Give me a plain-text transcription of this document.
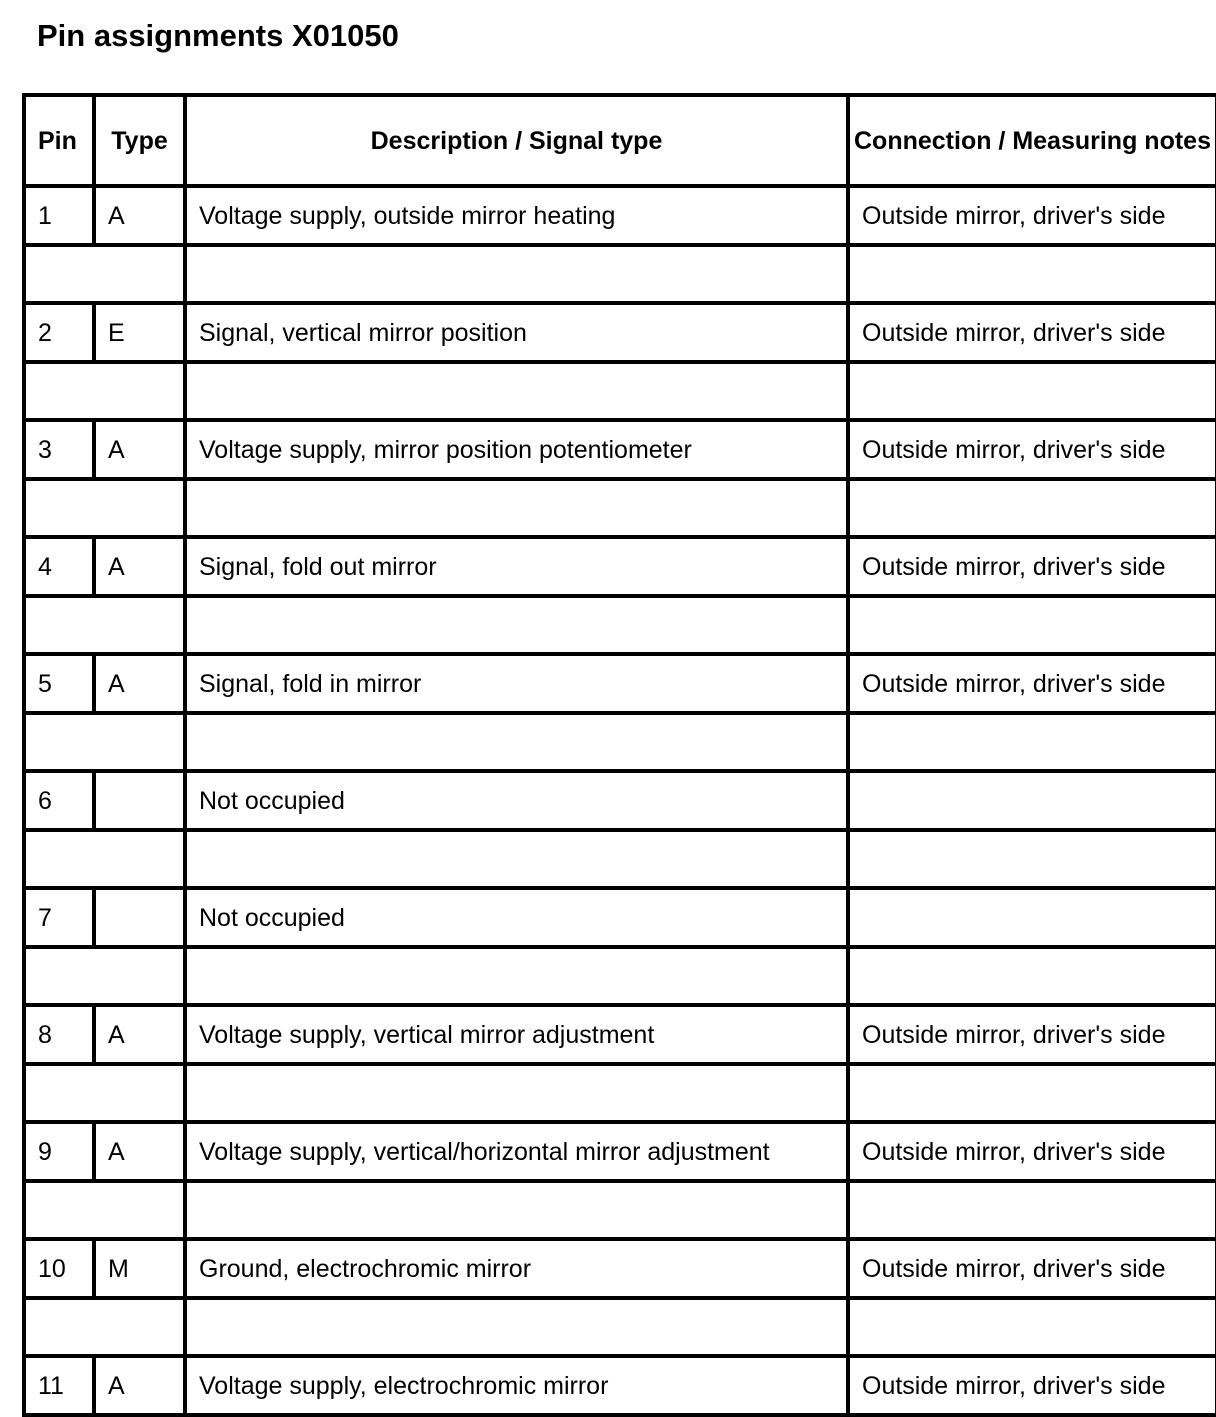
Pin assignments X01050
Pin	Type	Description / Signal type	Connection / Measuring notes
1	A	Voltage supply, outside mirror heating	Outside mirror, driver's side

2	E	Signal, vertical mirror position	Outside mirror, driver's side

3	A	Voltage supply, mirror position potentiometer	Outside mirror, driver's side

4	A	Signal, fold out mirror	Outside mirror, driver's side

5	A	Signal, fold in mirror	Outside mirror, driver's side

6		Not occupied	

7		Not occupied	

8	A	Voltage supply, vertical mirror adjustment	Outside mirror, driver's side

9	A	Voltage supply, vertical/horizontal mirror adjustment	Outside mirror, driver's side

10	M	Ground, electrochromic mirror	Outside mirror, driver's side

11	A	Voltage supply, electrochromic mirror	Outside mirror, driver's side
